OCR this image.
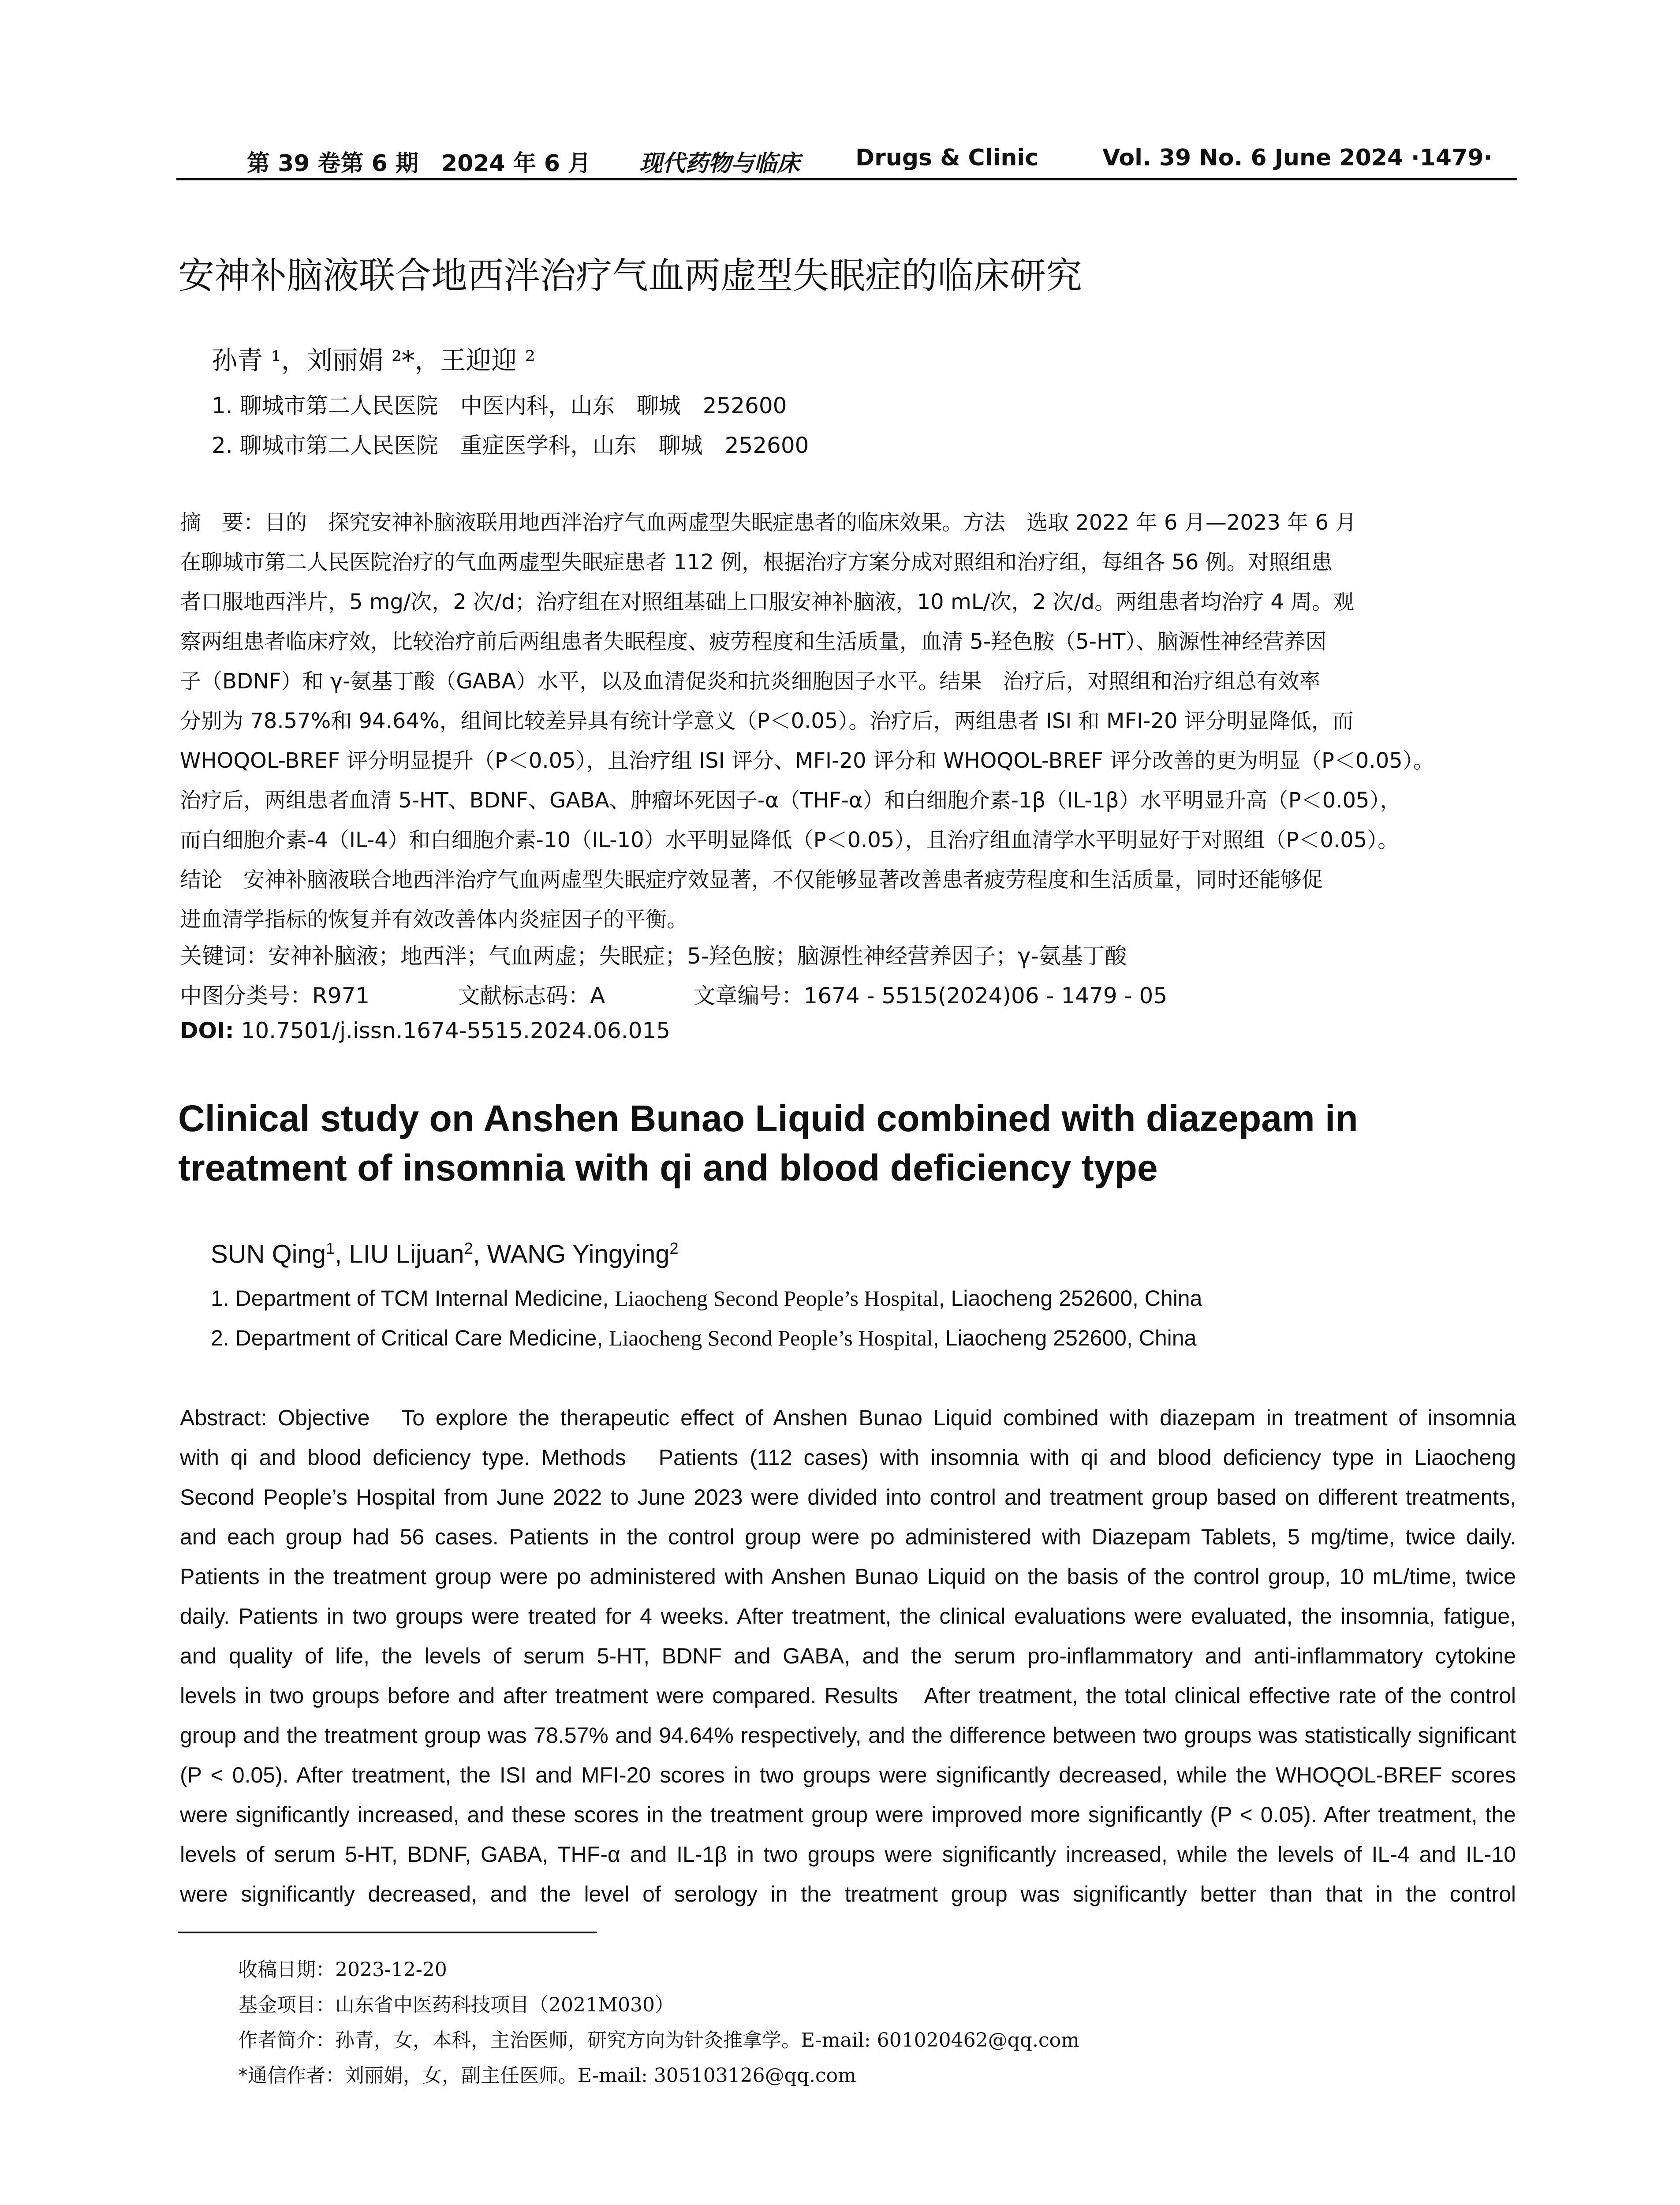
第 39 卷第 6 期　2024 年 6 月 现代药物与临床 Drugs & Clinic	Vol. 39 No. 6 June 2024 ·1479·
安神补脑液联合地西泮治疗气血两虚型失眠症的临床研究
孙青 ¹，刘丽娟 ²*，王迎迎 ²
1. 聊城市第二人民医院　中医内科，山东　聊城　252600
2. 聊城市第二人民医院　重症医学科，山东　聊城　252600
摘　要：目的　探究安神补脑液联用地西泮治疗气血两虚型失眠症患者的临床效果。方法　选取 2022 年 6 月—2023 年 6 月
在聊城市第二人民医院治疗的气血两虚型失眠症患者 112 例，根据治疗方案分成对照组和治疗组，每组各 56 例。对照组患
者口服地西泮片，5 mg/次，2 次/d；治疗组在对照组基础上口服安神补脑液，10 mL/次，2 次/d。两组患者均治疗 4 周。观
察两组患者临床疗效，比较治疗前后两组患者失眠程度、疲劳程度和生活质量，血清 5-羟色胺（5-HT）、脑源性神经营养因
子（BDNF）和 γ-氨基丁酸（GABA）水平，以及血清促炎和抗炎细胞因子水平。结果　治疗后，对照组和治疗组总有效率
分别为 78.57%和 94.64%，组间比较差异具有统计学意义（P＜0.05）。治疗后，两组患者 ISI 和 MFI-20 评分明显降低，而
WHOQOL-BREF 评分明显提升（P＜0.05），且治疗组 ISI 评分、MFI-20 评分和 WHOQOL-BREF 评分改善的更为明显（P＜0.05）。
治疗后，两组患者血清 5-HT、BDNF、GABA、肿瘤坏死因子-α（THF-α）和白细胞介素-1β（IL-1β）水平明显升高（P＜0.05），
而白细胞介素-4（IL-4）和白细胞介素-10（IL-10）水平明显降低（P＜0.05），且治疗组血清学水平明显好于对照组（P＜0.05）。
结论　安神补脑液联合地西泮治疗气血两虚型失眠症疗效显著，不仅能够显著改善患者疲劳程度和生活质量，同时还能够促
进血清学指标的恢复并有效改善体内炎症因子的平衡。
关键词：安神补脑液；地西泮；气血两虚；失眠症；5-羟色胺；脑源性神经营养因子；γ-氨基丁酸
中图分类号：R971	文献标志码：A	文章编号：1674 - 5515(2024)06 - 1479 - 05
DOI: 10.7501/j.issn.1674-5515.2024.06.015
Clinical study on Anshen Bunao Liquid combined with diazepam in treatment of insomnia with qi and blood deficiency type
SUN Qing$^1$, LIU Lijuan$^2$, WANG Yingying$^2$
1. Department of TCM Internal Medicine, Liaocheng Second People’s Hospital, Liaocheng 252600, China
2. Department of Critical Care Medicine, Liaocheng Second People’s Hospital, Liaocheng 252600, China
Abstract: Objective　To explore the therapeutic effect of Anshen Bunao Liquid combined with diazepam in treatment of insomnia
with qi and blood deficiency type. Methods　Patients (112 cases) with insomnia with qi and blood deficiency type in Liaocheng
Second People’s Hospital from June 2022 to June 2023 were divided into control and treatment group based on different treatments,
and each group had 56 cases. Patients in the control group were po administered with Diazepam Tablets, 5 mg/time, twice daily.
Patients in the treatment group were po administered with Anshen Bunao Liquid on the basis of the control group, 10 mL/time, twice
daily. Patients in two groups were treated for 4 weeks. After treatment, the clinical evaluations were evaluated, the insomnia, fatigue,
and quality of life, the levels of serum 5-HT, BDNF and GABA, and the serum pro-inflammatory and anti-inflammatory cytokine
levels in two groups before and after treatment were compared. Results　After treatment, the total clinical effective rate of the control
group and the treatment group was 78.57% and 94.64% respectively, and the difference between two groups was statistically significant
(P < 0.05). After treatment, the ISI and MFI-20 scores in two groups were significantly decreased, while the WHOQOL-BREF scores
were significantly increased, and these scores in the treatment group were improved more significantly (P < 0.05). After treatment, the
levels of serum 5-HT, BDNF, GABA, THF-α and IL-1β in two groups were significantly increased, while the levels of IL-4 and IL-10
were significantly decreased, and the level of serology in the treatment group was significantly better than that in the control
收稿日期：2023-12-20
基金项目：山东省中医药科技项目（2021M030）
作者简介：孙青，女，本科，主治医师，研究方向为针灸推拿学。E-mail: 601020462@qq.com
*通信作者：刘丽娟，女，副主任医师。E-mail: 305103126@qq.com
